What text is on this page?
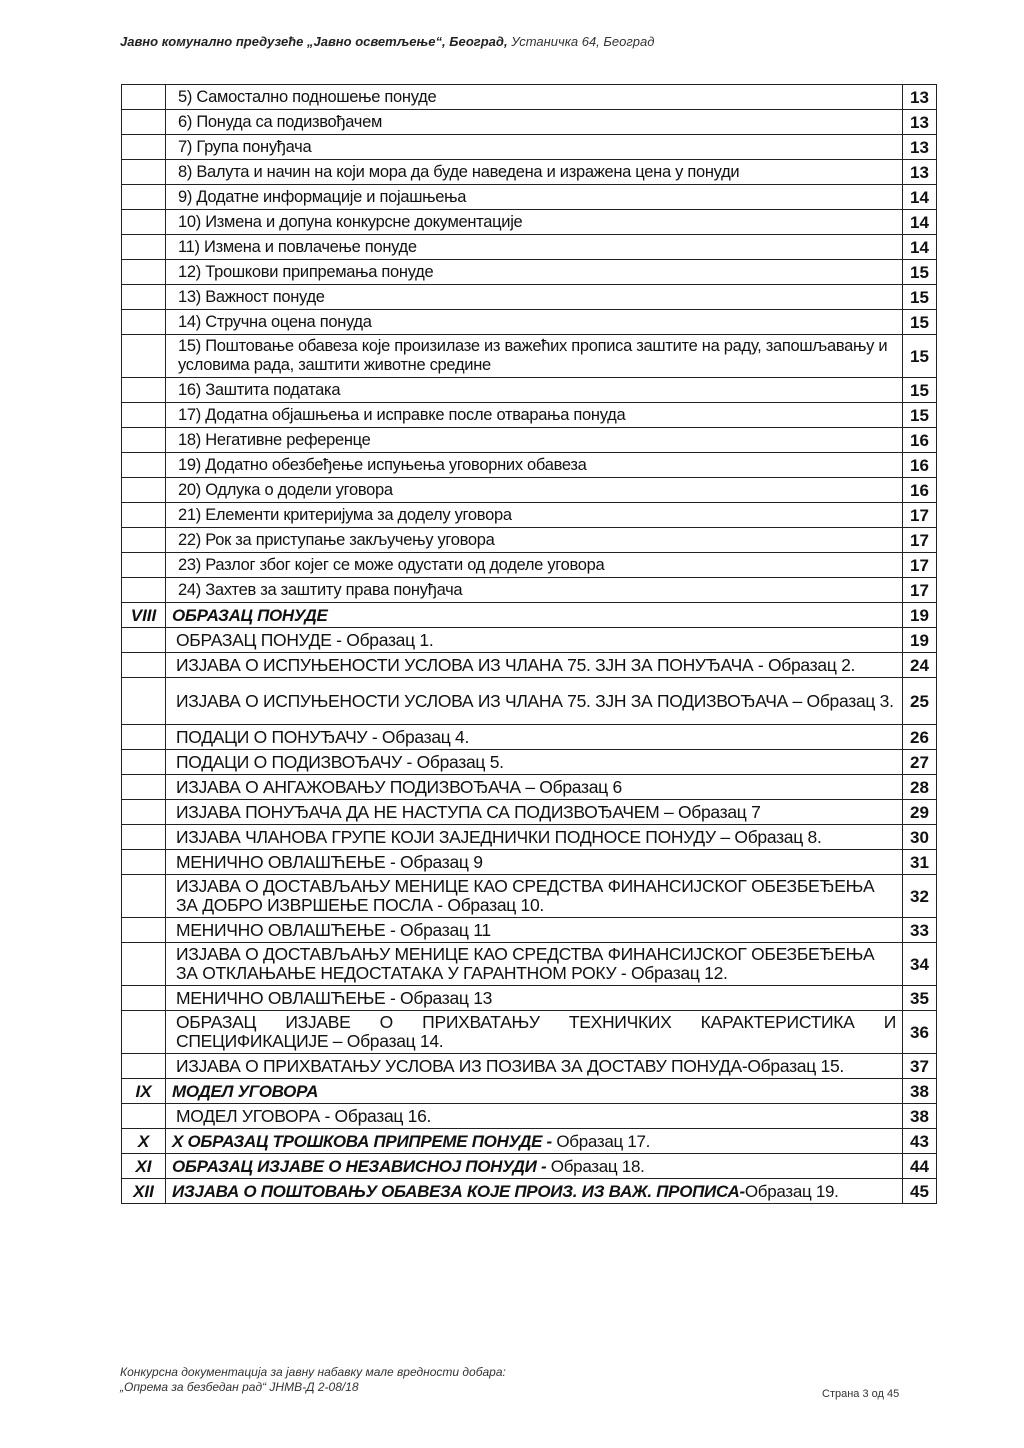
Јавно комунално предузеће „Јавно осветљење“, Београд, Устаничка 64, Београд
	5) Самостално подношење понуде	13
	6) Понуда са подизвођачем	13
	7) Група понуђача	13
	8) Валута и начин на који мора да буде наведена и изражена цена у понуди	13
	9) Додатне информације и појашњења	14
	10) Измена и допуна конкурсне документације	14
	11) Измена и повлачење понуде	14
	12) Трошкови припремања понуде	15
	13) Важност понуде	15
	14) Стручна оцена понуда	15
	15) Поштовање обавеза које произилазе из важећих прописа заштите на раду, запошљавању и условима рада, заштити животне средине	15
	16) Заштита података	15
	17) Додатна објашњења и исправке после отварања понуда	15
	18) Негативне референце	16
	19) Додатно обезбеђење испуњења уговорних обавеза	16
	20) Одлука о додели уговора	16
	21) Елементи критеријума за доделу уговора	17
	22) Рок за приступање закључењу уговора	17
	23) Разлог због којег се може одустати од доделе уговора	17
	24) Захтев за заштиту права понуђача	17
VIII	ОБРАЗАЦ ПОНУДЕ	19
	ОБРАЗАЦ ПОНУДЕ - Образац 1.	19
	ИЗЈАВА О ИСПУЊЕНОСТИ УСЛОВА ИЗ ЧЛАНА 75. ЗЈН ЗА ПОНУЂАЧА - Образац 2.	24
	ИЗЈАВА О ИСПУЊЕНОСТИ УСЛОВА ИЗ ЧЛАНА 75. ЗЈН ЗА ПОДИЗВОЂАЧА – Образац 3.	25
	ПОДАЦИ О ПОНУЂАЧУ - Образац 4.	26
	ПОДАЦИ О ПОДИЗВОЂАЧУ - Образац 5.	27
	ИЗЈАВА О АНГАЖОВАЊУ ПОДИЗВОЂАЧА – Образац 6	28
	ИЗЈАВА ПОНУЂАЧА ДА НЕ НАСТУПА СА ПОДИЗВОЂАЧЕМ – Образац 7	29
	ИЗЈАВА ЧЛАНОВА ГРУПЕ КОЈИ ЗАЈЕДНИЧКИ ПОДНОСЕ ПОНУДУ – Образац 8.	30
	МЕНИЧНО ОВЛАШЋЕЊЕ - Образац 9	31
	ИЗЈАВА О ДОСТАВЉАЊУ МЕНИЦЕ КАО СРЕДСТВА ФИНАНСИЈСКОГ ОБЕЗБЕЂЕЊА ЗА ДОБРО ИЗВРШЕЊЕ ПОСЛА - Образац 10.	32
	МЕНИЧНО ОВЛАШЋЕЊЕ - Образац 11	33
	ИЗЈАВА О ДОСТАВЉАЊУ МЕНИЦЕ КАО СРЕДСТВА ФИНАНСИЈСКОГ ОБЕЗБЕЂЕЊА ЗА ОТКЛАЊАЊЕ НЕДОСТАТАКА У ГАРАНТНОМ РОКУ - Образац 12.	34
	МЕНИЧНО ОВЛАШЋЕЊЕ - Образац 13	35
	ОБРАЗАЦ ИЗЈАВЕ О ПРИХВАТАЊУ ТЕХНИЧКИХ КАРАКТЕРИСТИКА И СПЕЦИФИКАЦИЈЕ – Образац 14.	36
	ИЗЈАВА О ПРИХВАТАЊУ УСЛОВА ИЗ ПОЗИВА ЗА ДОСТАВУ ПОНУДА-Образац 15.	37
IX	МОДЕЛ УГОВОРА	38
	МОДЕЛ УГОВОРА - Образац 16.	38
X	Х ОБРАЗАЦ ТРОШКОВА ПРИПРЕМЕ ПОНУДЕ - Образац 17.	43
XI	ОБРАЗАЦ ИЗЈАВЕ О НЕЗАВИСНОЈ ПОНУДИ - Образац 18.	44
XII	ИЗЈАВА О ПОШТОВАЊУ ОБАВЕЗА КОЈЕ ПРОИЗ. ИЗ ВАЖ. ПРОПИСА-Образац 19.	45
Конкурсна документација за јавну набавку мале вредности добара:
„Опрема за безбедан рад“ ЈНМВ-Д 2-08/18	Страна 3 од 45
